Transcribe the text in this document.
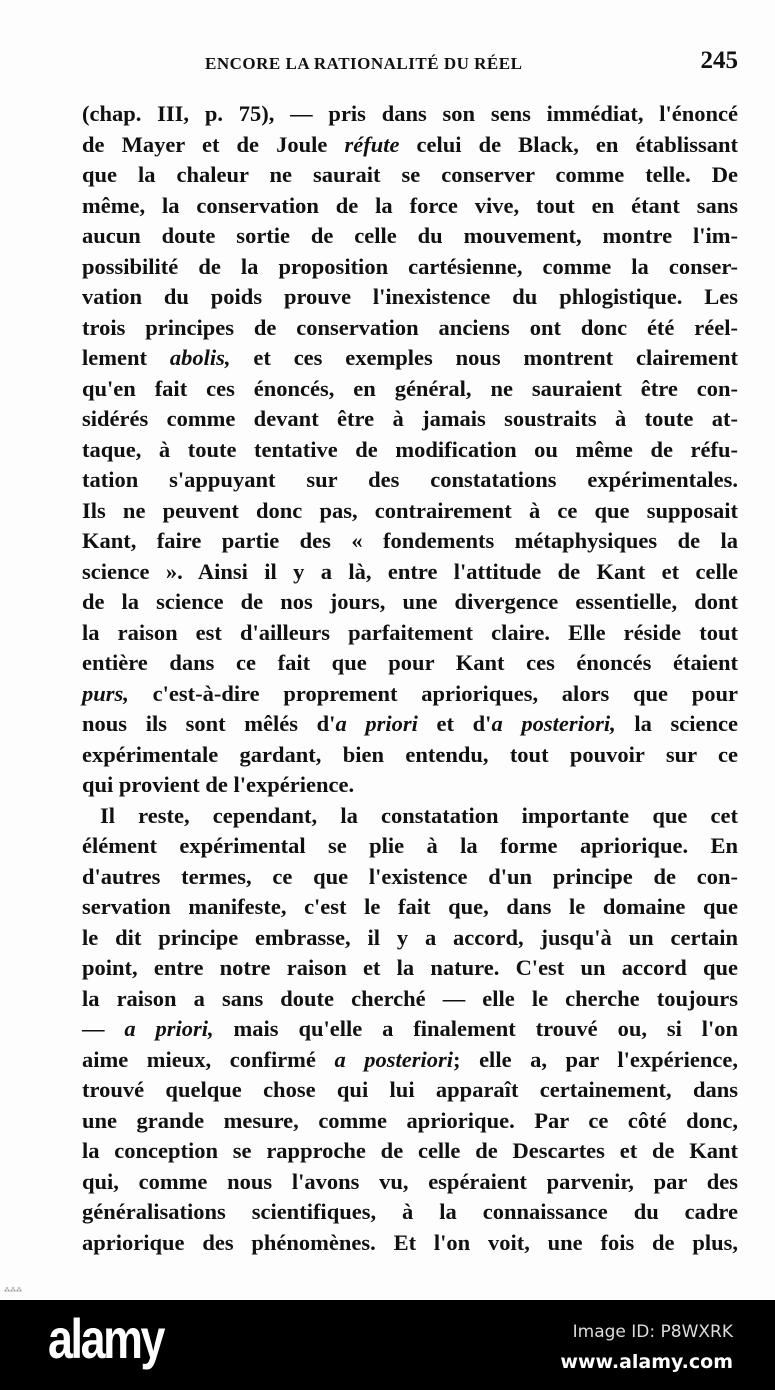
ENCORE LA RATIONALITÉ DU RÉEL	245
(chap. III, p. 75), — pris dans son sens immédiat, l'énoncé
de Mayer et de Joule réfute celui de Black, en établissant
que la chaleur ne saurait se conserver comme telle. De
même, la conservation de la force vive, tout en étant sans
aucun doute sortie de celle du mouvement, montre l'im-
possibilité de la proposition cartésienne, comme la conser-
vation du poids prouve l'inexistence du phlogistique. Les
trois principes de conservation anciens ont donc été réel-
lement abolis, et ces exemples nous montrent clairement
qu'en fait ces énoncés, en général, ne sauraient être con-
sidérés comme devant être à jamais soustraits à toute at-
taque, à toute tentative de modification ou même de réfu-
tation s'appuyant sur des constatations expérimentales.
Ils ne peuvent donc pas, contrairement à ce que supposait
Kant, faire partie des « fondements métaphysiques de la
science ». Ainsi il y a là, entre l'attitude de Kant et celle
de la science de nos jours, une divergence essentielle, dont
la raison est d'ailleurs parfaitement claire. Elle réside tout
entière dans ce fait que pour Kant ces énoncés étaient
purs, c'est-à-dire proprement aprioriques, alors que pour
nous ils sont mêlés d'a priori et d'a posteriori, la science
expérimentale gardant, bien entendu, tout pouvoir sur ce
qui provient de l'expérience.
Il reste, cependant, la constatation importante que cet
élément expérimental se plie à la forme apriorique. En
d'autres termes, ce que l'existence d'un principe de con-
servation manifeste, c'est le fait que, dans le domaine que
le dit principe embrasse, il y a accord, jusqu'à un certain
point, entre notre raison et la nature. C'est un accord que
la raison a sans doute cherché — elle le cherche toujours
— a priori, mais qu'elle a finalement trouvé ou, si l'on
aime mieux, confirmé a posteriori; elle a, par l'expérience,
trouvé quelque chose qui lui apparaît certainement, dans
une grande mesure, comme apriorique. Par ce côté donc,
la conception se rapproche de celle de Descartes et de Kant
qui, comme nous l'avons vu, espéraient parvenir, par des
généralisations scientifiques, à la connaissance du cadre
apriorique des phénomènes. Et l'on voit, une fois de plus,
⁂⁂⁂
alamy	Image ID: P8WXRK
www.alamy.com
